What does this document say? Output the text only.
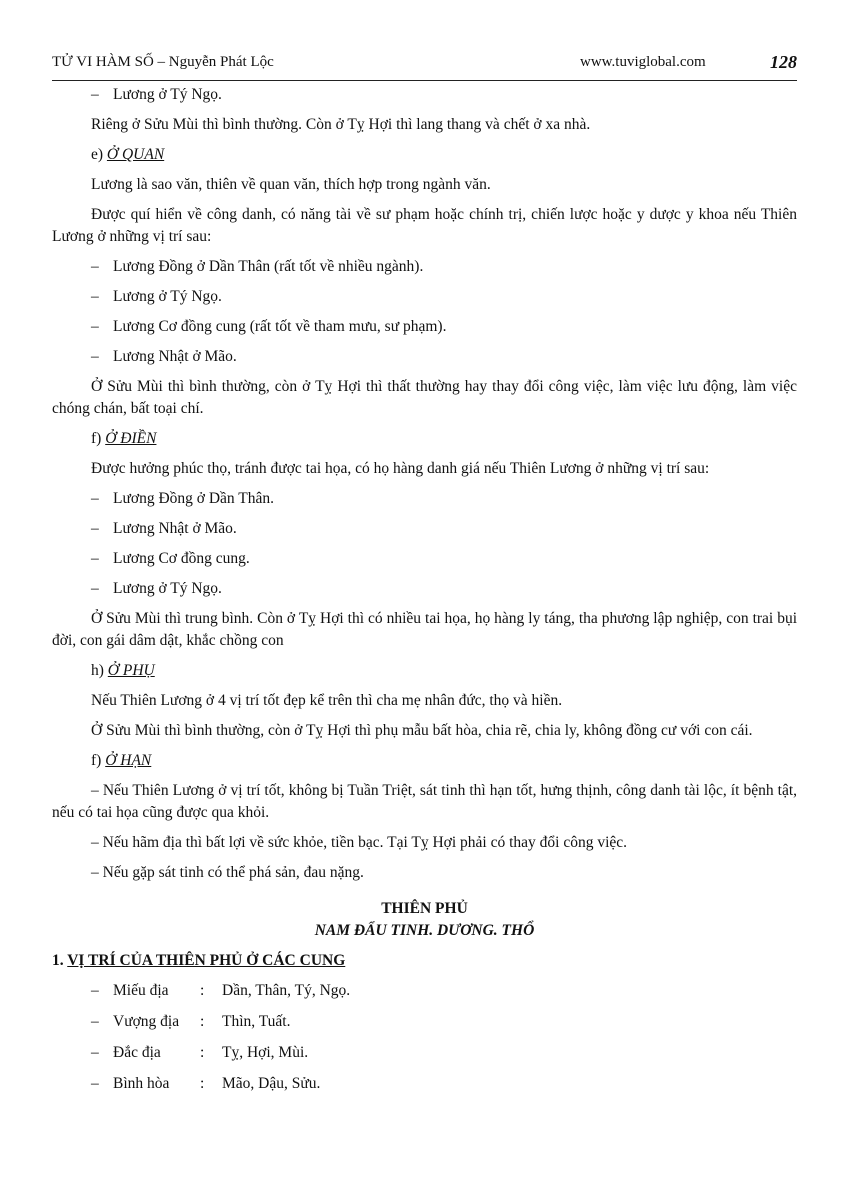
TỬ VI HÀM SỐ – Nguyễn Phát Lộc	www.tuviglobal.com	128

– Lương ở Tý Ngọ.

Riêng ở Sửu Mùi thì bình thường. Còn ở Tỵ Hợi thì lang thang và chết ở xa nhà.

e) Ở QUAN

Lương là sao văn, thiên về quan văn, thích hợp trong ngành văn.

Được quí hiển về công danh, có năng tài về sư phạm hoặc chính trị, chiến lược hoặc y dược y khoa nếu Thiên Lương ở những vị trí sau:

– Lương Đồng ở Dần Thân (rất tốt về nhiều ngành).

– Lương ở Tý Ngọ.

– Lương Cơ đồng cung (rất tốt về tham mưu, sư phạm).

– Lương Nhật ở Mão.

Ở Sửu Mùi thì bình thường, còn ở Tỵ Hợi thì thất thường hay thay đổi công việc, làm việc lưu động, làm việc chóng chán, bất toại chí.

f) Ở ĐIỀN

Được hưởng phúc thọ, tránh được tai họa, có họ hàng danh giá nếu Thiên Lương ở những vị trí sau:

– Lương Đồng ở Dần Thân.

– Lương Nhật ở Mão.

– Lương Cơ đồng cung.

– Lương ở Tý Ngọ.

Ở Sửu Mùi thì trung bình. Còn ở Tỵ Hợi thì có nhiều tai họa, họ hàng ly táng, tha phương lập nghiệp, con trai bụi đời, con gái dâm dật, khắc chồng con

h) Ở PHỤ

Nếu Thiên Lương ở 4 vị trí tốt đẹp kể trên thì cha mẹ nhân đức, thọ và hiền.

Ở Sửu Mùi thì bình thường, còn ở Tỵ Hợi thì phụ mẫu bất hòa, chia rẽ, chia ly, không đồng cư với con cái.

f) Ở HẠN

– Nếu Thiên Lương ở vị trí tốt, không bị Tuần Triệt, sát tinh thì hạn tốt, hưng thịnh, công danh tài lộc, ít bệnh tật, nếu có tai họa cũng được qua khỏi.

– Nếu hãm địa thì bất lợi về sức khỏe, tiền bạc. Tại Tỵ Hợi phải có thay đổi công việc.

– Nếu gặp sát tinh có thể phá sản, đau nặng.

THIÊN PHỦ

NAM ĐẨU TINH. DƯƠNG. THỔ

1. VỊ TRÍ CỦA THIÊN PHỦ Ở CÁC CUNG

– Miếu địa : Dần, Thân, Tý, Ngọ.
– Vượng địa : Thìn, Tuất.
– Đắc địa	: Tỵ, Hợi, Mùi.
– Bình hòa : Mão, Dậu, Sửu.
